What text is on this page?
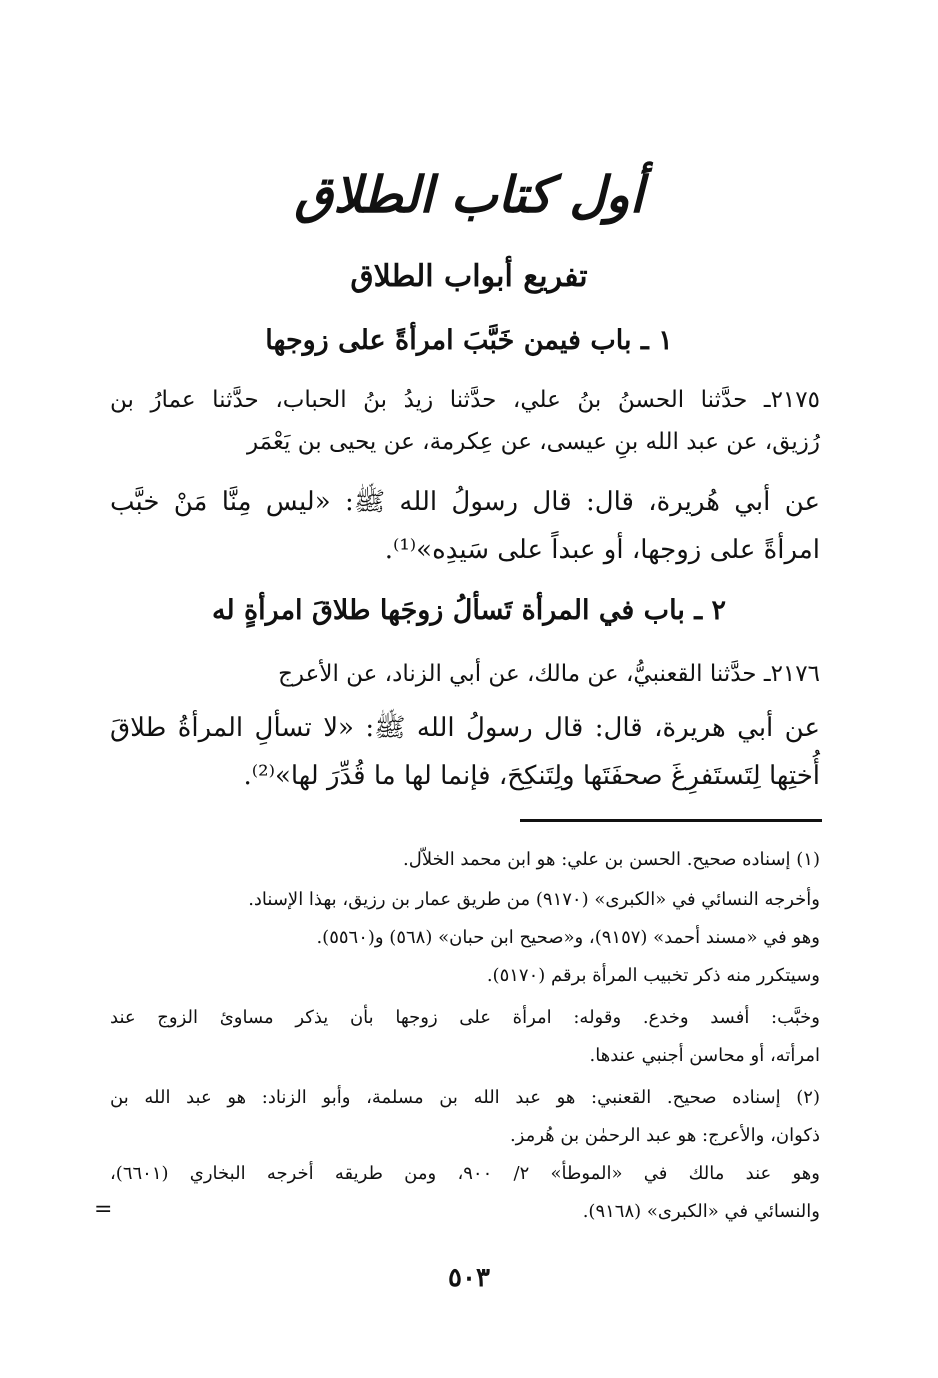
أول كتاب الطلاق
تفريع أبواب الطلاق
١ ـ باب فيمن خَبَّبَ امرأةً على زوجها
٢١٧٥ـ حدَّثنا الحسنُ بنُ علي، حدَّثنا زيدُ بنُ الحباب، حدَّثنا عمارُ بن
رُزيق، عن عبد الله بنِ عيسى، عن عِكرمة، عن يحيى بن يَعْمَر
عن أبي هُريرة، قال: قال رسولُ الله ﷺ: «ليس مِنَّا مَنْ خبَّب
امرأةً على زوجها، أو عبداً على سَيدِه»⁽¹⁾.
٢ ـ باب في المرأة تَسألُ زوجَها طلاقَ امرأةٍ له
٢١٧٦ـ حدَّثنا القعنبيُّ، عن مالك، عن أبي الزناد، عن الأعرج
عن أبي هريرة، قال: قال رسولُ الله ﷺ: «لا تسألِ المرأةُ طلاقَ
أُختِها لِتَستَفرِغَ صحفَتَها ولِتَنكِحَ، فإنما لها ما قُدِّرَ لها»⁽²⁾.
(١) إسناده صحيح. الحسن بن علي: هو ابن محمد الخلاّل.
وأخرجه النسائي في «الكبرى» (٩١٧٠) من طريق عمار بن رزيق، بهذا الإسناد.
وهو في «مسند أحمد» (٩١٥٧)، و«صحيح ابن حبان» (٥٦٨) و(٥٥٦٠).
وسيتكرر منه ذكر تخبيب المرأة برقم (٥١٧٠).
وخبَّب: أفسد وخدع. وقوله: امرأة على زوجها بأن يذكر مساوئ الزوج عند
امرأته، أو محاسن أجنبي عندها.
(٢) إسناده صحيح. القعنبي: هو عبد الله بن مسلمة، وأبو الزناد: هو عبد الله بن
ذكوان، والأعرج: هو عبد الرحمٰن بن هُرمز.
وهو عند مالك في «الموطأ» ٢/ ٩٠٠، ومن طريقه أخرجه البخاري (٦٦٠١)،
والنسائي في «الكبرى» (٩١٦٨).
=
٥٠٣
